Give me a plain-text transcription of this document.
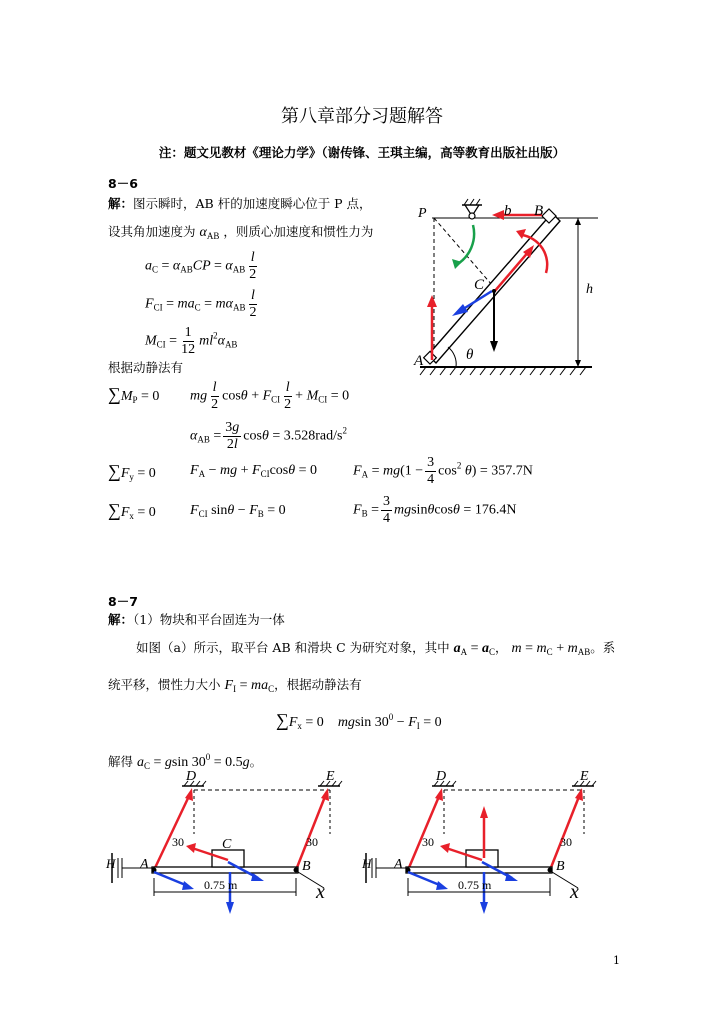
第八章部分习题解答
注：题文见教材《理论力学》（谢传锋、王琪主编，高等教育出版社出版）
8－6
解：图示瞬时，AB 杆的加速度瞬心位于 P 点，
设其角加速度为 $\alpha_{AB}$ ，则质心加速度和惯性力为
$a_C = \alpha_{AB}CP = \alpha_{AB} \frac{l}{2}$
$F_{CI} = ma_C = m\alpha_{AB} \frac{l}{2}$
$M_{CI} = \frac{1}{12} ml^2\alpha_{AB}$
根据动静法有
$\sum M_P = 0$ mg $\frac{l}{2}$ $\cos\theta + F_{CI} \frac{l}{2} + M_{CI} = 0$
$\alpha_{AB} = \frac{3g}{2l}$ $\cos\theta = 3.528rad/s^2$
$\sum F_y = 0$ $F_A$ − mg + $F_{CI}\cos\theta = 0$	$F_A = mg(1 - \frac{3}{4} \cos^2 \theta) = 357.7N$
$\sum F_x = 0$ $F_{CI}$ $\sin\theta - F_B = 0$	$F_B = \frac{3}{4}$ mgsinθcosθ = 176.4N
P	b B
C	h
A	θ
8－7
解：（1）物块和平台固连为一体
如图（a）所示，取平台 AB 和滑块 C 为研究对象，其中 $a_A = a_C$， $m = m_C + m_{AB}$。系
统平移，惯性力大小 $F_I = ma_C$，根据动静法有
$\sum F_x = 0$    mgsin $30^0 - F_I = 0$
解得 $a_C = gsin$ $30^0 = 0.5g$。
D	E
C
A	B
H
x
30	30
0.75 m
D	E
A	B
H
x
30	30
0.75 m
1
